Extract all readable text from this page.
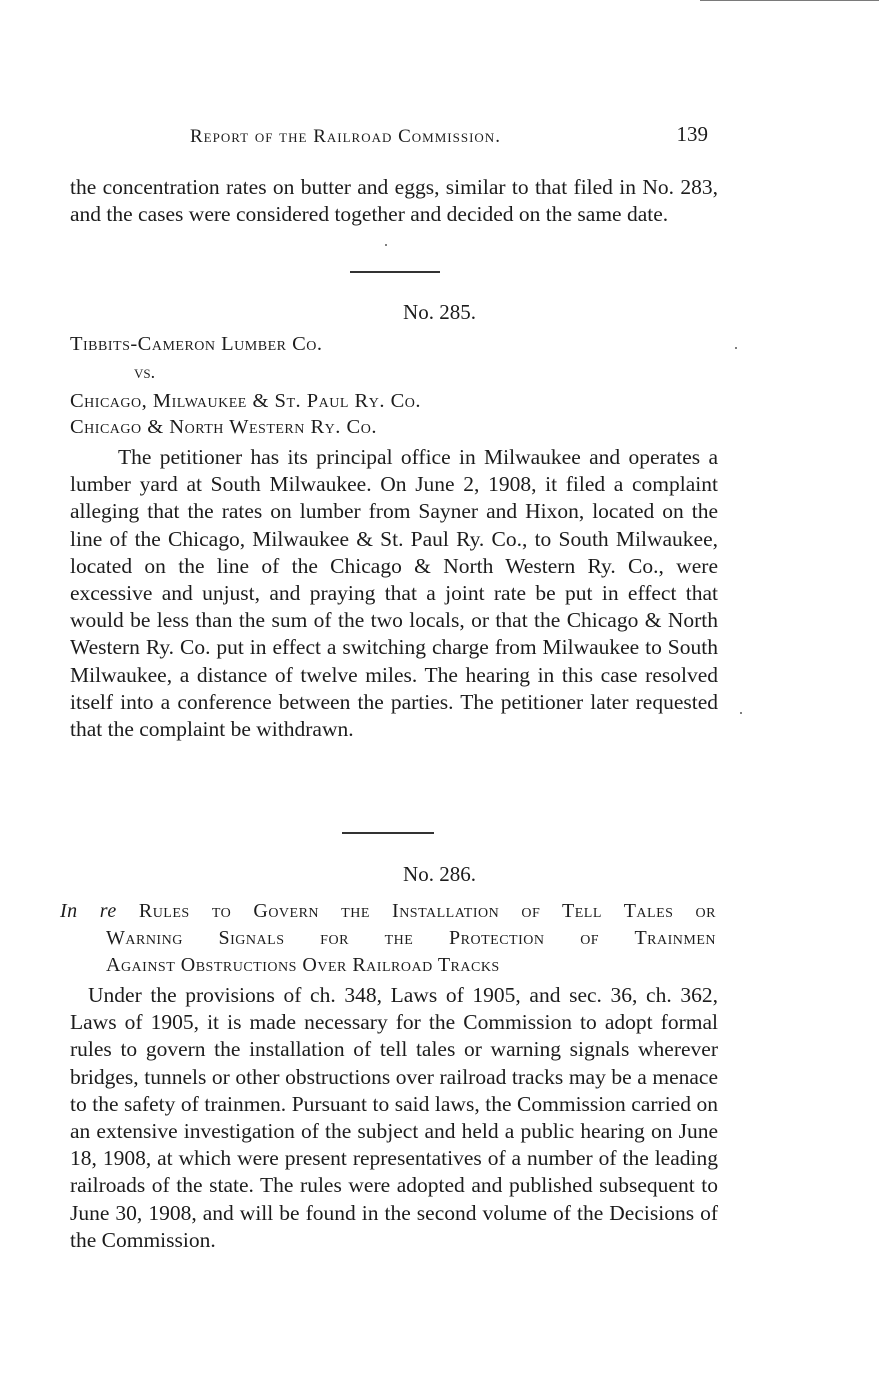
Report of the Railroad Commission.	139

the concentration rates on butter and eggs, similar to that filed in No. 283, and the cases were considered together and decided on the same date.

No. 285.
Tibbits-Cameron Lumber Co.
vs.
Chicago, Milwaukee & St. Paul Ry. Co.
Chicago & North Western Ry. Co.

The petitioner has its principal office in Milwaukee and operates a lumber yard at South Milwaukee. On June 2, 1908, it filed a complaint alleging that the rates on lumber from Sayner and Hixon, located on the line of the Chicago, Milwaukee & St. Paul Ry. Co., to South Milwaukee, located on the line of the Chicago & North Western Ry. Co., were excessive and unjust, and praying that a joint rate be put in effect that would be less than the sum of the two locals, or that the Chicago & North Western Ry. Co. put in effect a switching charge from Milwaukee to South Milwaukee, a distance of twelve miles. The hearing in this case resolved itself into a conference between the parties. The petitioner later requested that the complaint be withdrawn.

No. 286.
In re Rules to Govern the Installation of Tell Tales or
Warning Signals for the Protection of Trainmen
Against Obstructions Over Railroad Tracks

Under the provisions of ch. 348, Laws of 1905, and sec. 36, ch. 362, Laws of 1905, it is made necessary for the Commission to adopt formal rules to govern the installation of tell tales or warning signals wherever bridges, tunnels or other obstructions over railroad tracks may be a menace to the safety of trainmen. Pursuant to said laws, the Commission carried on an extensive investigation of the subject and held a public hearing on June 18, 1908, at which were present representatives of a number of the leading railroads of the state. The rules were adopted and published subsequent to June 30, 1908, and will be found in the second volume of the Decisions of the Commission.
